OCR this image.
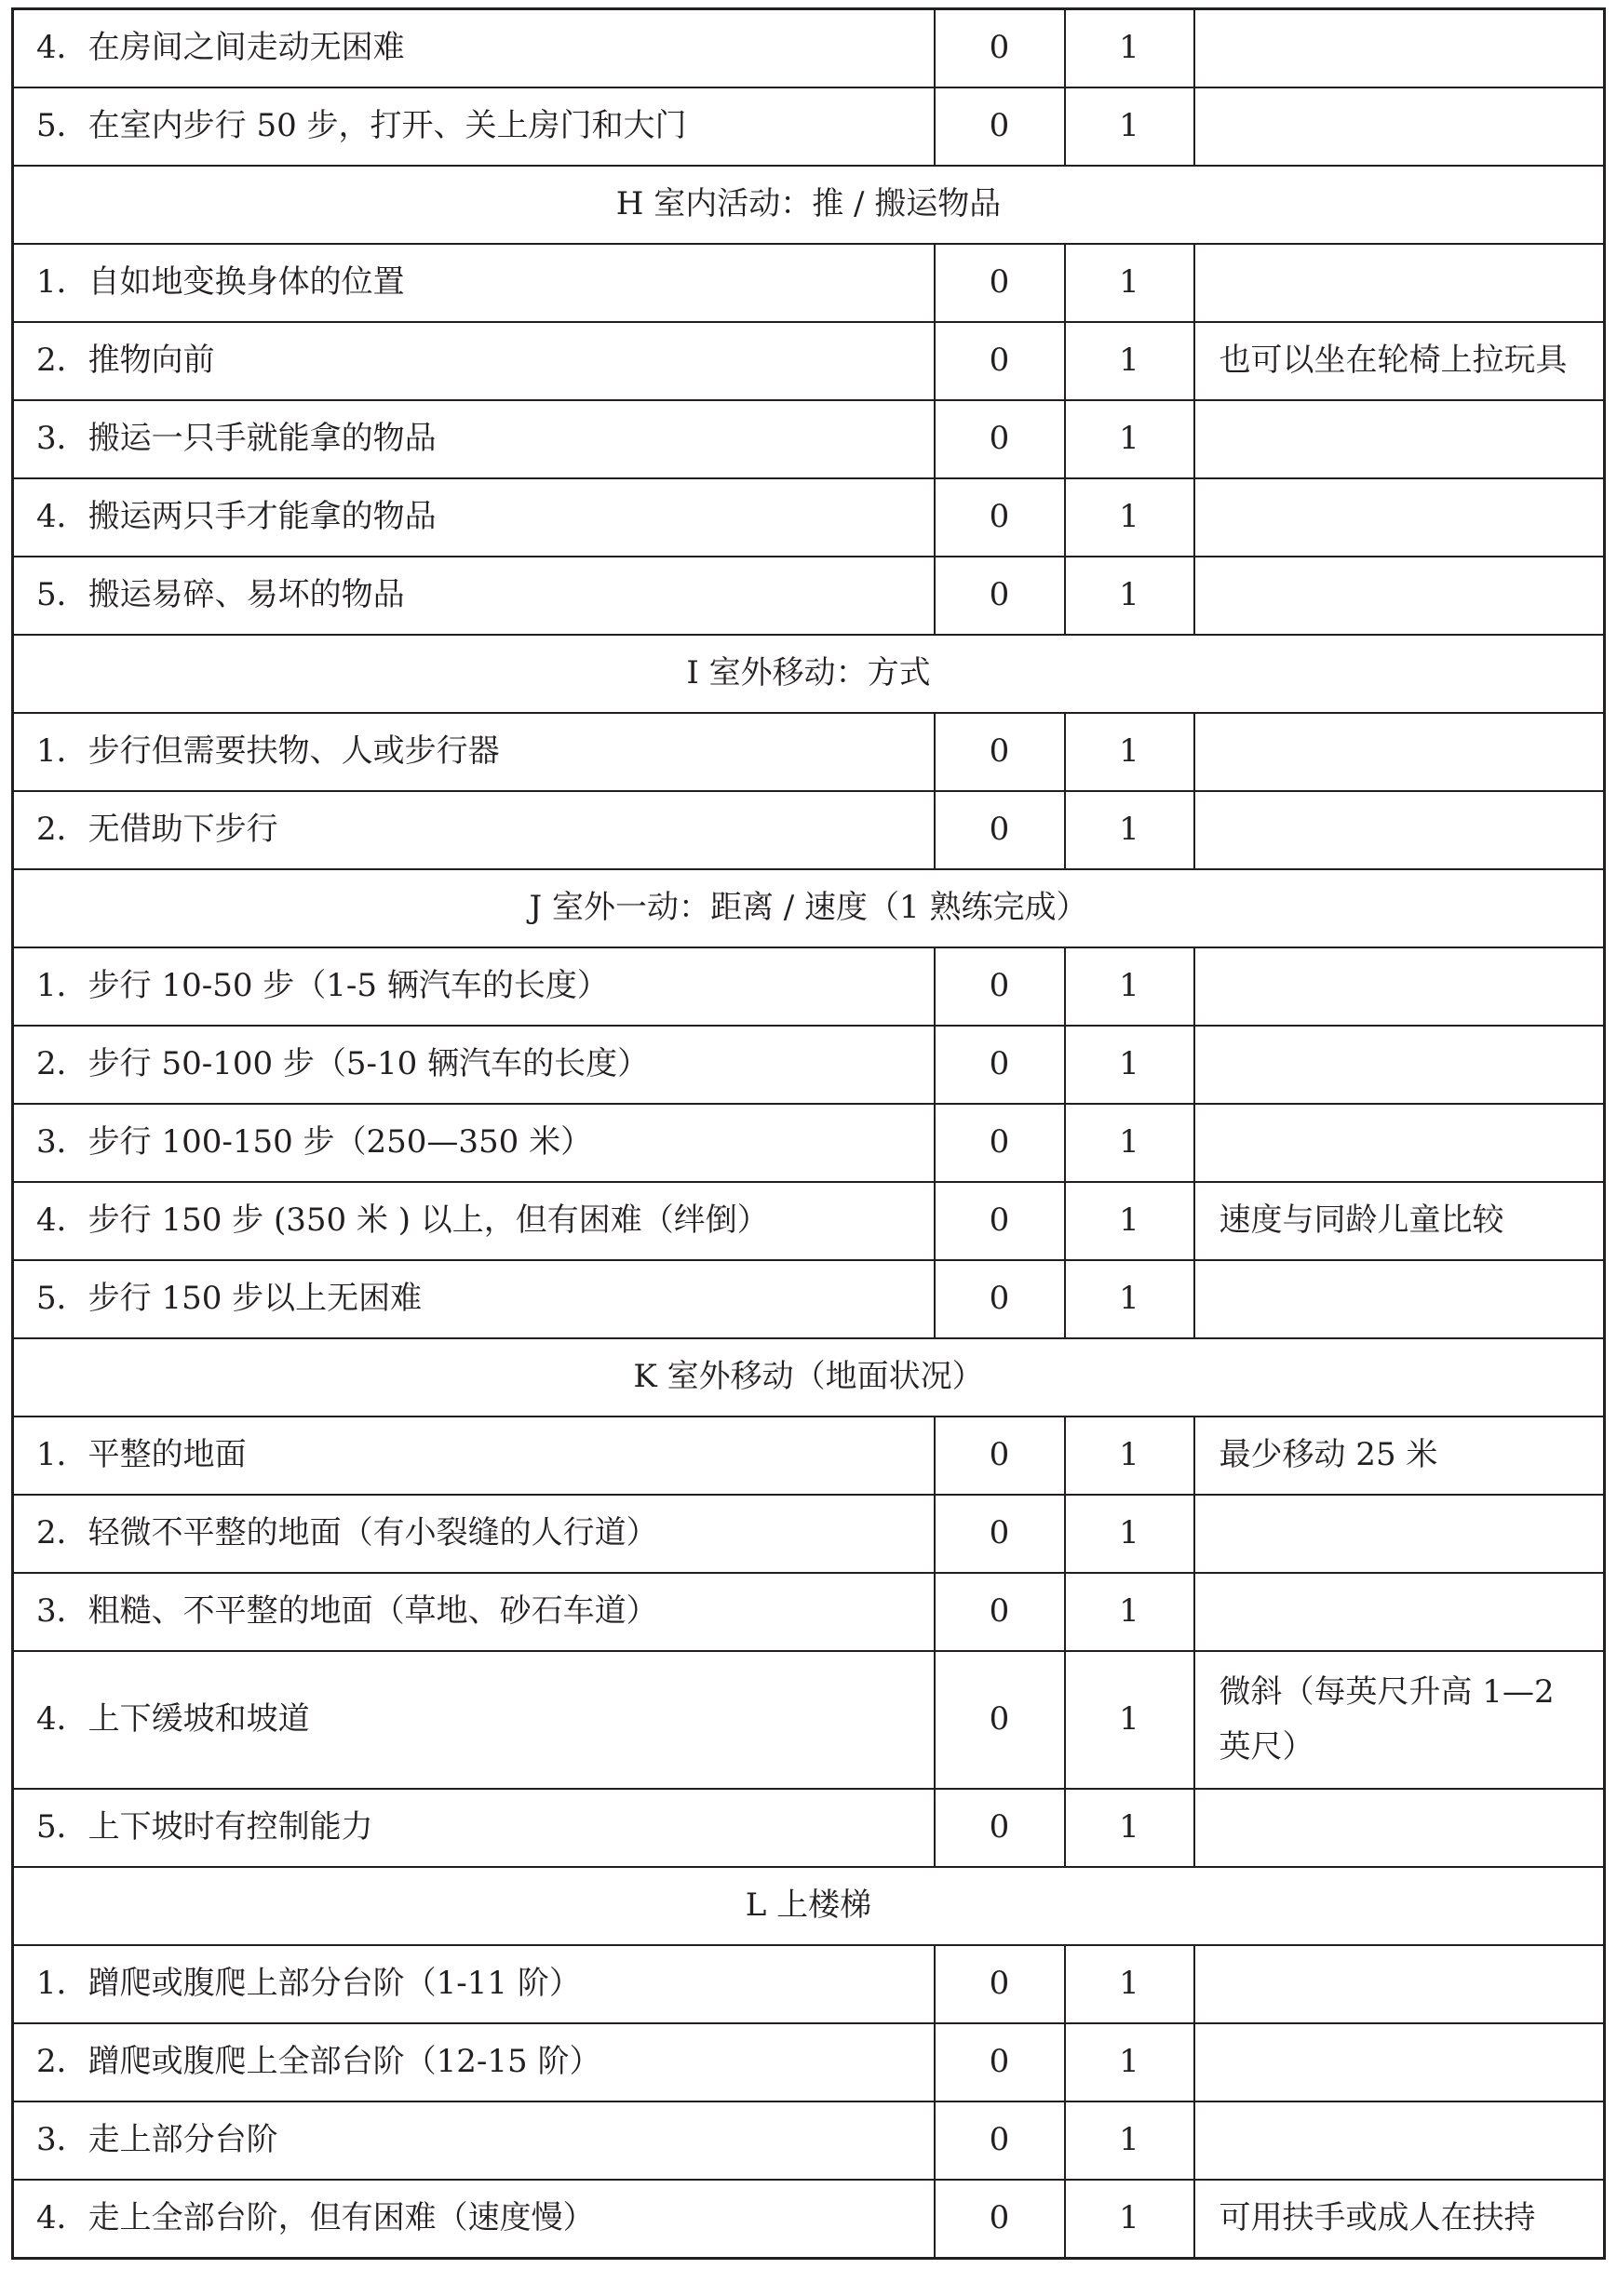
4．在房间之间走动无困难	0	1	
5．在室内步行 50 步，打开、关上房门和大门	0	1	
H 室内活动：推 / 搬运物品			
1．自如地变换身体的位置	0	1	
2．推物向前	0	1	也可以坐在轮椅上拉玩具
3．搬运一只手就能拿的物品	0	1	
4．搬运两只手才能拿的物品	0	1	
5．搬运易碎、易坏的物品	0	1	
I 室外移动：方式			
1．步行但需要扶物、人或步行器	0	1	
2．无借助下步行	0	1	
J 室外一动：距离 / 速度（1 熟练完成）			
1．步行 10-50 步（1-5 辆汽车的长度）	0	1	
2．步行 50-100 步（5-10 辆汽车的长度）	0	1	
3．步行 100-150 步（250—350 米）	0	1	
4．步行 150 步 (350 米 ) 以上，但有困难（绊倒）	0	1	速度与同龄儿童比较
5．步行 150 步以上无困难	0	1	
K 室外移动（地面状况）			
1．平整的地面	0	1	最少移动 25 米
2．轻微不平整的地面（有小裂缝的人行道）	0	1	
3．粗糙、不平整的地面（草地、砂石车道）	0	1	
4．上下缓坡和坡道	0	1	微斜（每英尺升高 1—2 英尺）
5．上下坡时有控制能力	0	1	
L 上楼梯			
1．蹭爬或腹爬上部分台阶（1-11 阶）	0	1	
2．蹭爬或腹爬上全部台阶（12-15 阶）	0	1	
3．走上部分台阶	0	1	
4．走上全部台阶，但有困难（速度慢）	0	1	可用扶手或成人在扶持
